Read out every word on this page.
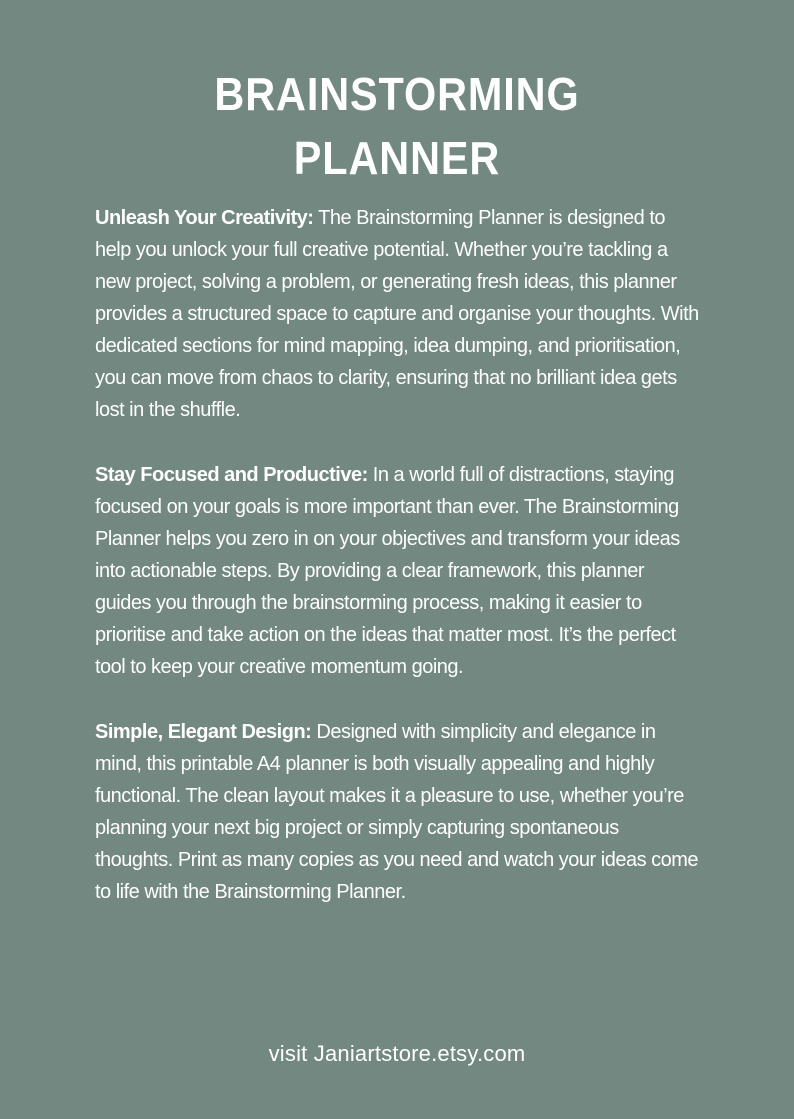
BRAINSTORMING
PLANNER

Unleash Your Creativity: The Brainstorming Planner is designed to help you unlock your full creative potential. Whether you’re tackling a new project, solving a problem, or generating fresh ideas, this planner provides a structured space to capture and organise your thoughts. With dedicated sections for mind mapping, idea dumping, and prioritisation, you can move from chaos to clarity, ensuring that no brilliant idea gets lost in the shuffle.

Stay Focused and Productive: In a world full of distractions, staying focused on your goals is more important than ever. The Brainstorming Planner helps you zero in on your objectives and transform your ideas into actionable steps. By providing a clear framework, this planner guides you through the brainstorming process, making it easier to prioritise and take action on the ideas that matter most. It’s the perfect tool to keep your creative momentum going.

Simple, Elegant Design: Designed with simplicity and elegance in mind, this printable A4 planner is both visually appealing and highly functional. The clean layout makes it a pleasure to use, whether you’re planning your next big project or simply capturing spontaneous thoughts. Print as many copies as you need and watch your ideas come to life with the Brainstorming Planner.

visit Janiartstore.etsy.com
